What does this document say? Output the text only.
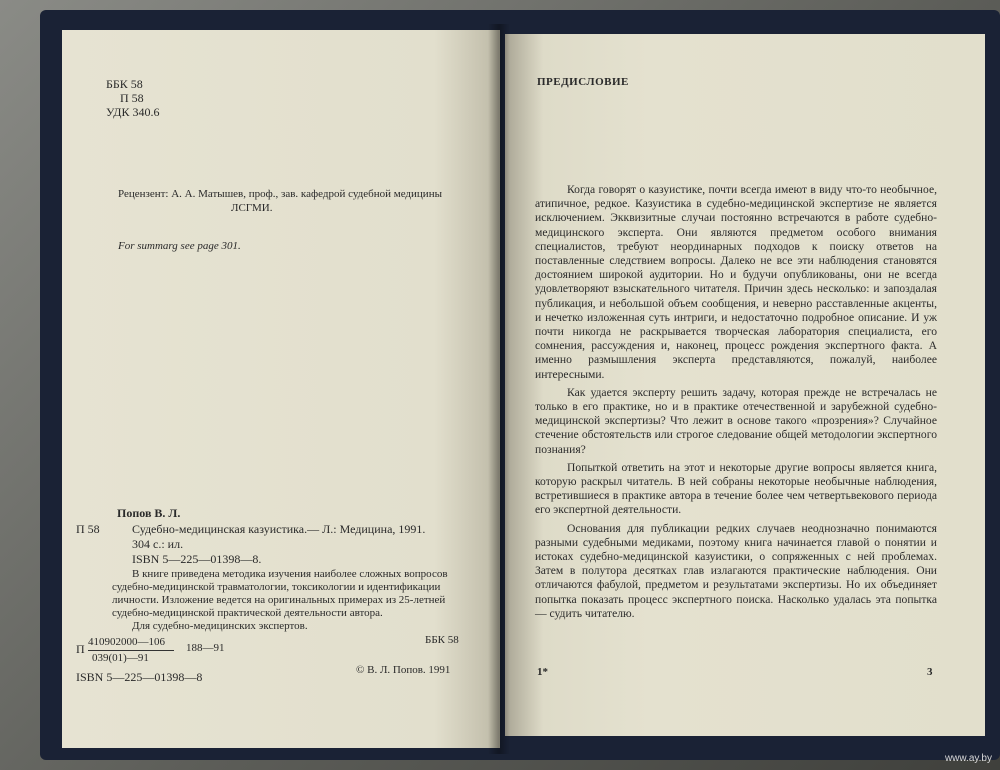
ББК 58
П 58
УДК 340.6
Рецензент: А. А. Матышев, проф., зав. кафедрой судебной медицины
ЛСГМИ.
For summarg see page 301.
Попов В. Л.
П 58	Судебно-медицинская казуистика.— Л.: Медицина, 1991.
304 с.: ил.
ISBN 5—225—01398—8.
В книге приведена методика изучения наиболее сложных вопросов
судебно-медицинской травматологии, токсикологии и идентификации
личности. Изложение ведется на оригинальных примерах из 25-летней
судебно-медицинской практической деятельности автора.
Для судебно-медицинских экспертов.
П 410902000—106
039(01)—91
188—91
ББК 58
ISBN 5—225—01398—8	© В. Л. Попов. 1991
ПРЕДИСЛОВИЕ

Когда говорят о казуистике, почти всегда имеют в виду что-то необычное, атипичное, редкое. Казуистика в судебно-медицинской экспертизе не является исключением. Экквизитные случаи постоянно встречаются в работе судебно-медицинского эксперта. Они являются предметом особого внимания специалистов, требуют неординарных подходов к поиску ответов на поставленные следствием вопросы. Далеко не все эти наблюдения становятся достоянием широкой аудитории. Но и будучи опубликованы, они не всегда удовлетворяют взыскательного читателя. Причин здесь несколько: и запоздалая публикация, и небольшой объем сообщения, и неверно расставленные акценты, и нечетко изложенная суть интриги, и недостаточно подробное описание. И уж почти никогда не раскрывается творческая лаборатория специалиста, его сомнения, рассуждения и, наконец, процесс рождения экспертного факта. А именно размышления эксперта представляются, пожалуй, наиболее интересными.

Как удается эксперту решить задачу, которая прежде не встречалась не только в его практике, но и в практике отечественной и зарубежной судебно-медицинской экспертизы? Что лежит в основе такого «прозрения»? Случайное стечение обстоятельств или строгое следование общей методологии экспертного познания?

Попыткой ответить на этот и некоторые другие вопросы является книга, которую раскрыл читатель. В ней собраны некоторые необычные наблюдения, встретившиеся в практике автора в течение более чем четвертьвекового периода его экспертной деятельности.

Основания для публикации редких случаев неоднозначно понимаются разными судебными медиками, поэтому книга начинается главой о понятии и истоках судебно-медицинской казуистики, о сопряженных с ней проблемах. Затем в полутора десятках глав излагаются практические наблюдения. Они отличаются фабулой, предметом и результатами экспертизы. Но их объединяет попытка показать процесс экспертного поиска. Насколько удалась эта попытка — судить читателю.

1*	3
www.ay.by
